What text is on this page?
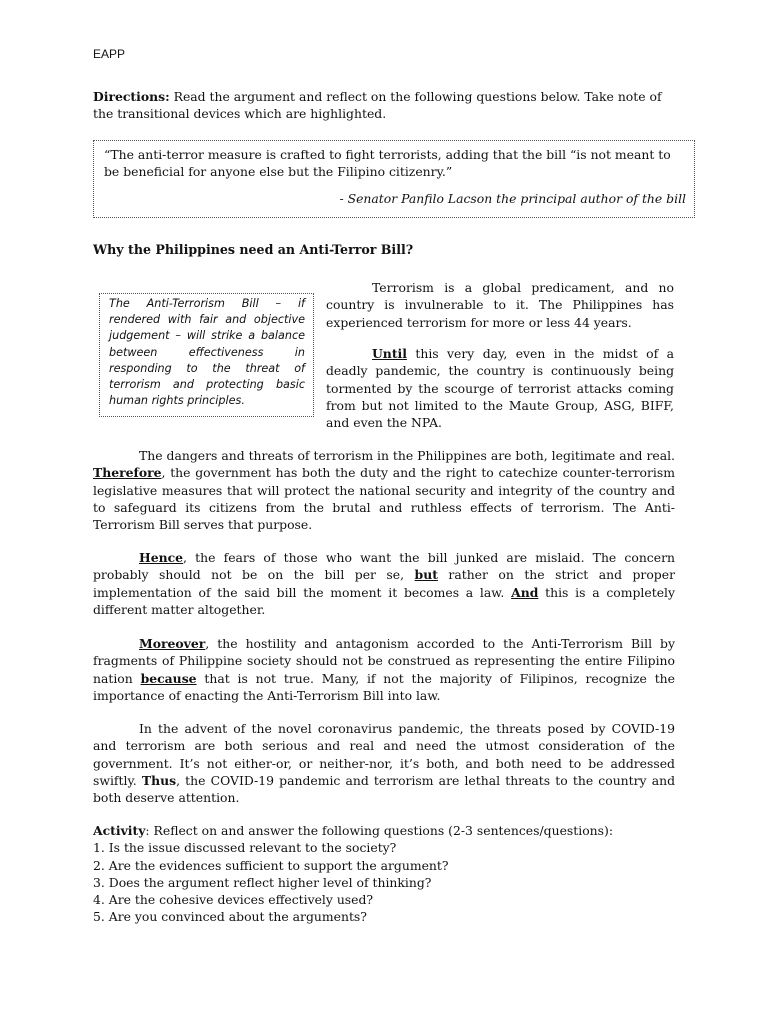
EAPP

Directions: Read the argument and reflect on the following questions below. Take note of the transitional devices which are highlighted.

“The anti-terror measure is crafted to fight terrorists, adding that the bill “is not meant to be beneficial for anyone else but the Filipino citizenry.”

- Senator Panfilo Lacson the principal author of the bill

Why the Philippines need an Anti-Terror Bill?

The Anti-Terrorism Bill – if rendered with fair and objective judgement – will strike a balance between effectiveness in responding to the threat of terrorism and protecting basic human rights principles.

Terrorism is a global predicament, and no country is invulnerable to it. The Philippines has experienced terrorism for more or less 44 years.

Until this very day, even in the midst of a deadly pandemic, the country is continuously being tormented by the scourge of terrorist attacks coming from but not limited to the Maute Group, ASG, BIFF, and even the NPA.

The dangers and threats of terrorism in the Philippines are both, legitimate and real. Therefore, the government has both the duty and the right to catechize counter-terrorism legislative measures that will protect the national security and integrity of the country and to safeguard its citizens from the brutal and ruthless effects of terrorism. The Anti-Terrorism Bill serves that purpose.

Hence, the fears of those who want the bill junked are mislaid. The concern probably should not be on the bill per se, but rather on the strict and proper implementation of the said bill the moment it becomes a law. And this is a completely different matter altogether.

Moreover, the hostility and antagonism accorded to the Anti-Terrorism Bill by fragments of Philippine society should not be construed as representing the entire Filipino nation because that is not true. Many, if not the majority of Filipinos, recognize the importance of enacting the Anti-Terrorism Bill into law.

In the advent of the novel coronavirus pandemic, the threats posed by COVID-19 and terrorism are both serious and real and need the utmost consideration of the government. It’s not either-or, or neither-nor, it’s both, and both need to be addressed swiftly. Thus, the COVID-19 pandemic and terrorism are lethal threats to the country and both deserve attention.

Activity: Reflect on and answer the following questions (2-3 sentences/questions):

1. Is the issue discussed relevant to the society?

2. Are the evidences sufficient to support the argument?

3. Does the argument reflect higher level of thinking?

4. Are the cohesive devices effectively used?

5. Are you convinced about the arguments?
